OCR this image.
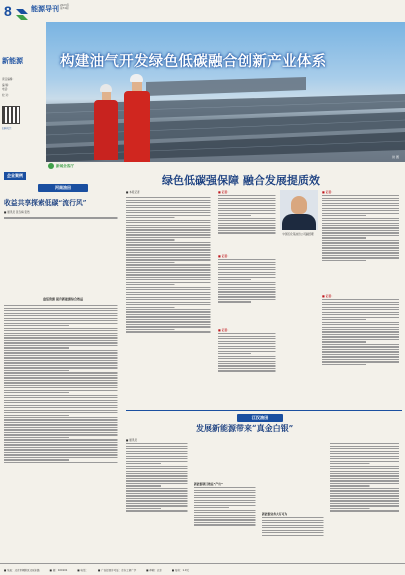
8	能源导刊 2023年
第74期
新能源
责任编辑：
编 辑：
电话：
校 对：
扫码关注
构建油气开发绿色低碳融合创新产业体系
供 图
新闻会客厅
绿色低碳强保障 融合发展提质效
企业案例
河南油田
收益共享探索低碳“流行风”
■ 通讯员 张冬梅 张然
盘活资源 提升新能源综合效益
■ 本报记者
中国石化某油田公司副经理
■ 记者：
■ 记者：
■ 记者：
■ 记者：
■ 记者：
江汉油田
发展新能源带来“真金白银”
■ 通讯员
新能源项目效益“产出”
新能源业务大有可为
■ 地址：北京市朝阳区北辰东路	■ 邮：100101	■ 电话：	■ 广告经营许可证：京东工商广字	■ 印刷：北京	■ 每份：1.0元
